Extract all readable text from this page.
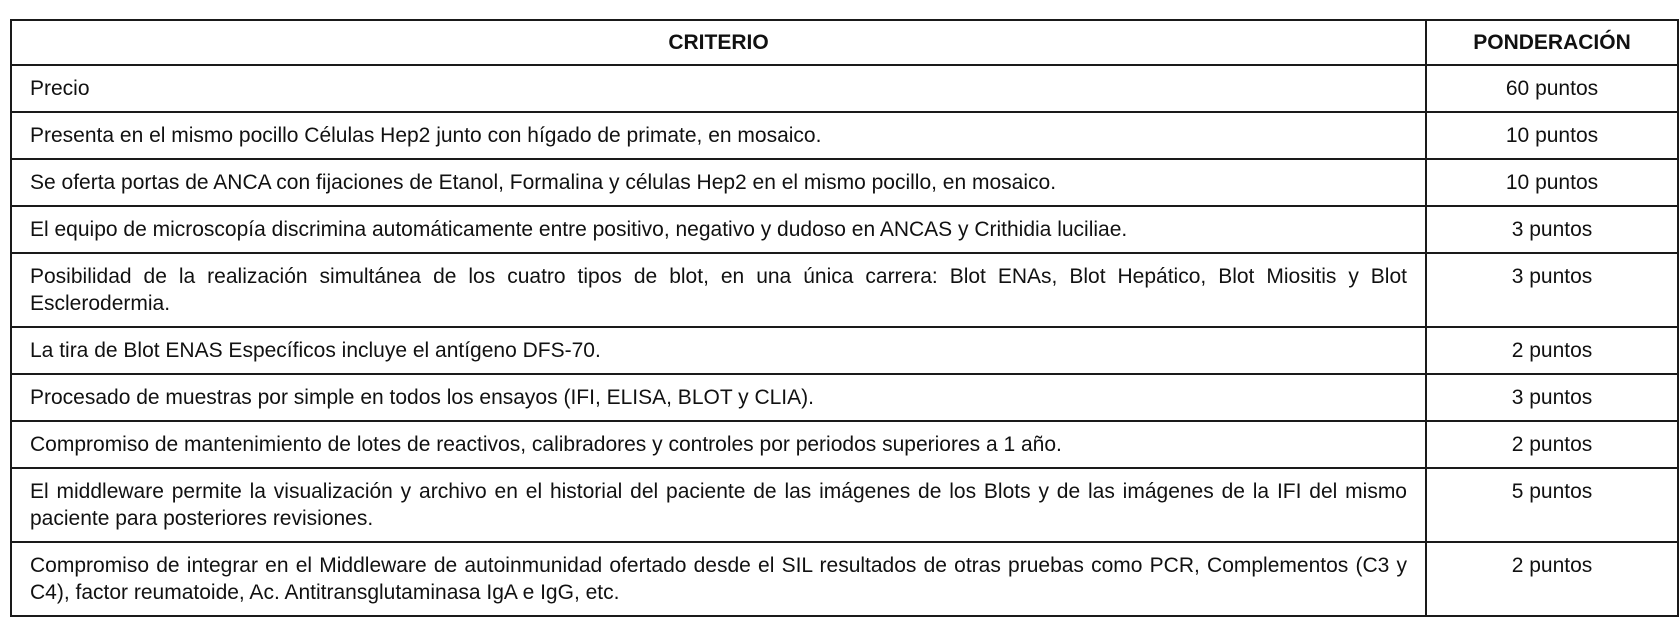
CRITERIO	PONDERACIÓN
Precio	60 puntos
Presenta en el mismo pocillo Células Hep2 junto con hígado de primate, en mosaico.	10 puntos
Se oferta portas de ANCA con fijaciones de Etanol, Formalina y células Hep2 en el mismo pocillo, en mosaico.	10 puntos
El equipo de microscopía discrimina automáticamente entre positivo, negativo y dudoso en ANCAS y Crithidia luciliae.	3 puntos
Posibilidad de la realización simultánea de los cuatro tipos de blot, en una única carrera: Blot ENAs, Blot Hepático, Blot Miositis y Blot Esclerodermia.	3 puntos
La tira de Blot ENAS Específicos incluye el antígeno DFS-70.	2 puntos
Procesado de muestras por simple en todos los ensayos (IFI, ELISA, BLOT y CLIA).	3 puntos
Compromiso de mantenimiento de lotes de reactivos, calibradores y controles por periodos superiores a 1 año.	2 puntos
El middleware permite la visualización y archivo en el historial del paciente de las imágenes de los Blots y de las imágenes de la IFI del mismo paciente para posteriores revisiones.	5 puntos
Compromiso de integrar en el Middleware de autoinmunidad ofertado desde el SIL resultados de otras pruebas como PCR, Complementos (C3 y C4), factor reumatoide, Ac. Antitransglutaminasa IgA e IgG, etc.	2 puntos
